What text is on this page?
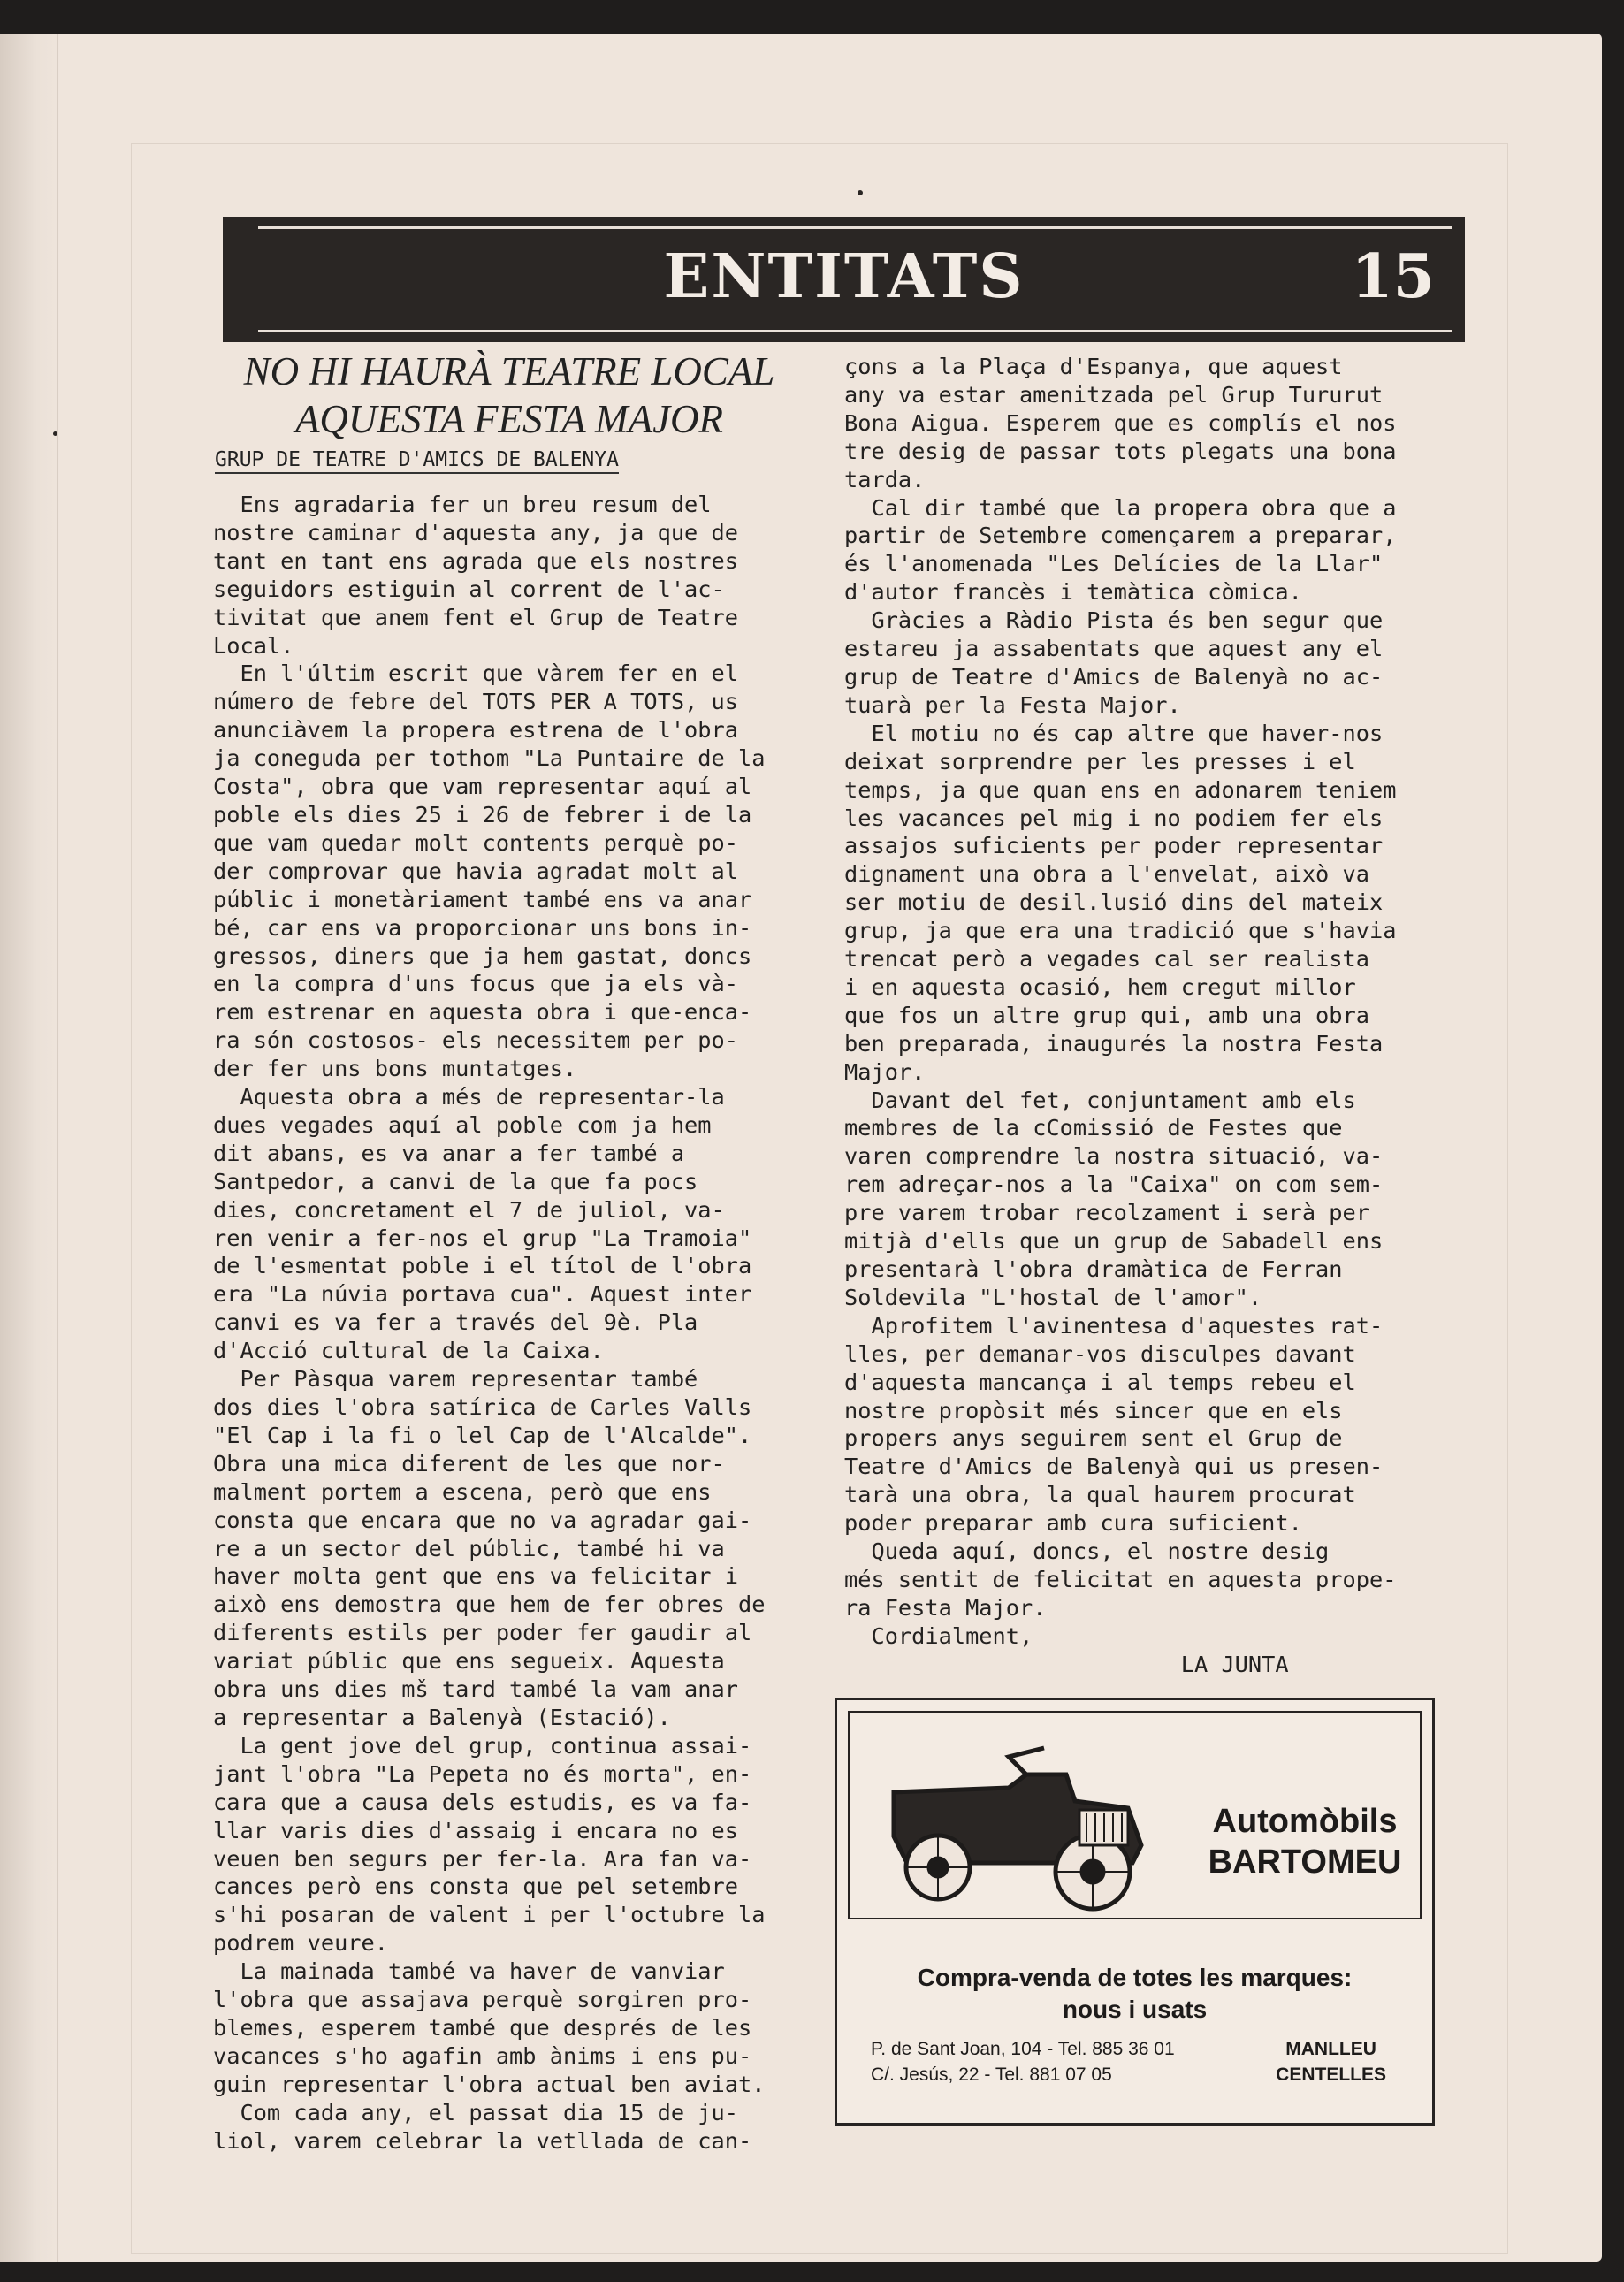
ENTITATS	15
NO HI HAURÀ TEATRE LOCAL
AQUESTA FESTA MAJOR
GRUP DE TEATRE D'AMICS DE BALENYA
Ens agradaria fer un breu resum del
nostre caminar d'aquesta any, ja que de
tant en tant ens agrada que els nostres
seguidors estiguin al corrent de l'ac-
tivitat que anem fent el Grup de Teatre
Local.
En l'últim escrit que vàrem fer en el
número de febre del TOTS PER A TOTS, us
anunciàvem la propera estrena de l'obra
ja coneguda per tothom "La Puntaire de la
Costa", obra que vam representar aquí al
poble els dies 25 i 26 de febrer i de la
que vam quedar molt contents perquè po-
der comprovar que havia agradat molt al
públic i monetàriament també ens va anar
bé, car ens va proporcionar uns bons in-
gressos, diners que ja hem gastat, doncs
en la compra d'uns focus que ja els và-
rem estrenar en aquesta obra i que-enca-
ra són costosos- els necessitem per po-
der fer uns bons muntatges.
Aquesta obra a més de representar-la
dues vegades aquí al poble com ja hem
dit abans, es va anar a fer també a
Santpedor, a canvi de la que fa pocs
dies, concretament el 7 de juliol, va-
ren venir a fer-nos el grup "La Tramoia"
de l'esmentat poble i el títol de l'obra
era "La núvia portava cua". Aquest inter
canvi es va fer a través del 9è. Pla
d'Acció cultural de la Caixa.
Per Pàsqua varem representar també
dos dies l'obra satírica de Carles Valls
"El Cap i la fi o lel Cap de l'Alcalde".
Obra una mica diferent de les que nor-
malment portem a escena, però que ens
consta que encara que no va agradar gai-
re a un sector del públic, també hi va
haver molta gent que ens va felicitar i
això ens demostra que hem de fer obres de
diferents estils per poder fer gaudir al
variat públic que ens segueix. Aquesta
obra uns dies mš tard també la vam anar
a representar a Balenyà (Estació).
La gent jove del grup, continua assai-
jant l'obra "La Pepeta no és morta", en-
cara que a causa dels estudis, es va fa-
llar varis dies d'assaig i encara no es
veuen ben segurs per fer-la. Ara fan va-
cances però ens consta que pel setembre
s'hi posaran de valent i per l'octubre la
podrem veure.
La mainada també va haver de vanviar
l'obra que assajava perquè sorgiren pro-
blemes, esperem també que després de les
vacances s'ho agafin amb ànims i ens pu-
guin representar l'obra actual ben aviat.
Com cada any, el passat dia 15 de ju-
liol, varem celebrar la vetllada de can-
çons a la Plaça d'Espanya, que aquest
any va estar amenitzada pel Grup Tururut
Bona Aigua. Esperem que es complís el nos
tre desig de passar tots plegats una bona
tarda.
Cal dir també que la propera obra que a
partir de Setembre començarem a preparar,
és l'anomenada "Les Delícies de la Llar"
d'autor francès i temàtica còmica.
Gràcies a Ràdio Pista és ben segur que
estareu ja assabentats que aquest any el
grup de Teatre d'Amics de Balenyà no ac-
tuarà per la Festa Major.
El motiu no és cap altre que haver-nos
deixat sorprendre per les presses i el
temps, ja que quan ens en adonarem teniem
les vacances pel mig i no podiem fer els
assajos suficients per poder representar
dignament una obra a l'envelat, això va
ser motiu de desil.lusió dins del mateix
grup, ja que era una tradició que s'havia
trencat però a vegades cal ser realista
i en aquesta ocasió, hem cregut millor
que fos un altre grup qui, amb una obra
ben preparada, inaugurés la nostra Festa
Major.
Davant del fet, conjuntament amb els
membres de la cComissió de Festes que
varen comprendre la nostra situació, va-
rem adreçar-nos a la "Caixa" on com sem-
pre varem trobar recolzament i serà per
mitjà d'ells que un grup de Sabadell ens
presentarà l'obra dramàtica de Ferran
Soldevila "L'hostal de l'amor".
Aprofitem l'avinentesa d'aquestes rat-
lles, per demanar-vos disculpes davant
d'aquesta mancança i al temps rebeu el
nostre propòsit més sincer que en els
propers anys seguirem sent el Grup de
Teatre d'Amics de Balenyà qui us presen-
tarà una obra, la qual haurem procurat
poder preparar amb cura suficient.
Queda aquí, doncs, el nostre desig
més sentit de felicitat en aquesta prope-
ra Festa Major.
Cordialment,
LA JUNTA
Automòbils
BARTOMEU
Compra-venda de totes les marques:
nous i usats
P. de Sant Joan, 104 - Tel. 885 36 01
C/. Jesús, 22 - Tel. 881 07 05
MANLLEU
CENTELLES
